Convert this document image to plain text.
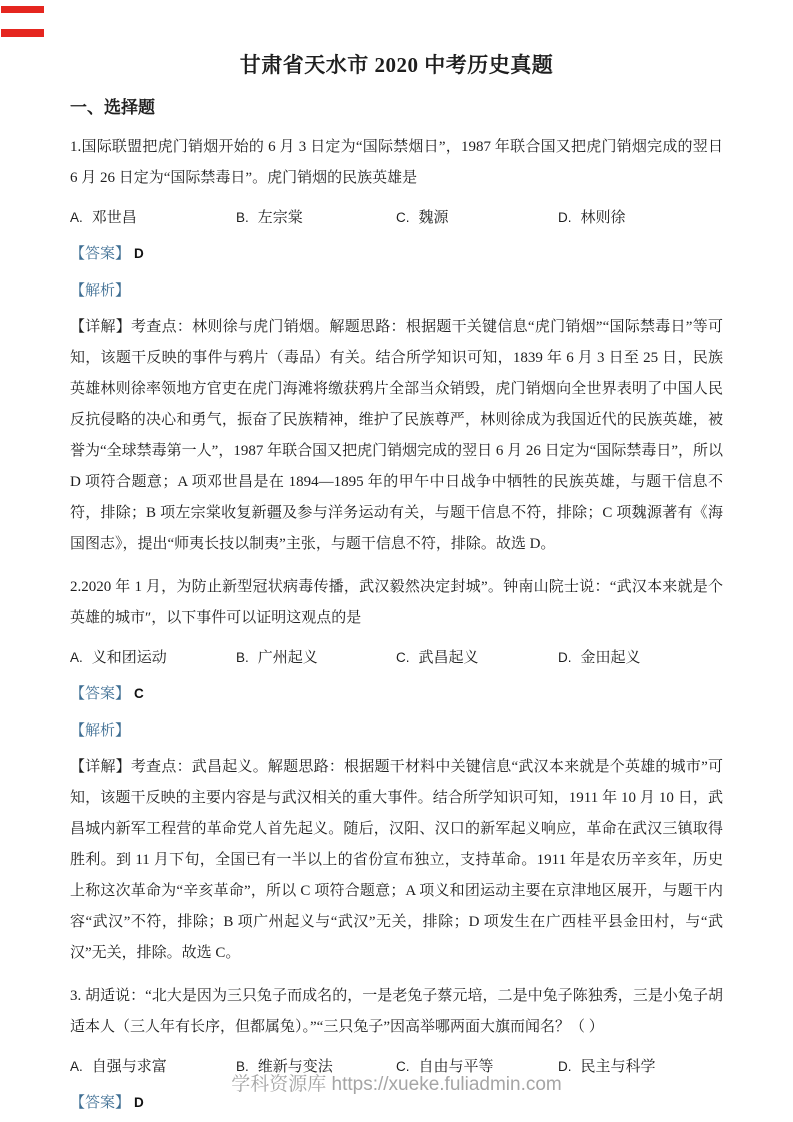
甘肃省天水市 2020 中考历史真题
一、选择题

1.国际联盟把虎门销烟开始的 6 月 3 日定为“国际禁烟日”，1987 年联合国又把虎门销烟完成的翌日 6 月 26 日定为“国际禁毒日”。虎门销烟的民族英雄是

A. 邓世昌	B. 左宗棠	C. 魏源	D. 林则徐

【答案】 D

【解析】

【详解】考查点：林则徐与虎门销烟。解题思路：根据题干关键信息“虎门销烟”“国际禁毒日”等可知，该题干反映的事件与鸦片（毒品）有关。结合所学知识可知，1839 年 6 月 3 日至 25 日，民族英雄林则徐率领地方官吏在虎门海滩将缴获鸦片全部当众销毁，虎门销烟向全世界表明了中国人民反抗侵略的决心和勇气，振奋了民族精神，维护了民族尊严，林则徐成为我国近代的民族英雄，被誉为“全球禁毒第一人”，1987 年联合国又把虎门销烟完成的翌日 6 月 26 日定为“国际禁毒日”，所以 D 项符合题意；A 项邓世昌是在 1894—1895 年的甲午中日战争中牺牲的民族英雄，与题干信息不符，排除；B 项左宗棠收复新疆及参与洋务运动有关，与题干信息不符，排除；C 项魏源著有《海国图志》，提出“师夷长技以制夷”主张，与题干信息不符，排除。故选 D。

2.2020 年 1 月，为防止新型冠状病毒传播，武汉毅然决定封城”。钟南山院士说：“武汉本来就是个英雄的城市″，以下事件可以证明这观点的是

A. 义和团运动	B. 广州起义	C. 武昌起义	D. 金田起义

【答案】 C

【解析】

【详解】考查点：武昌起义。解题思路：根据题干材料中关键信息“武汉本来就是个英雄的城市”可知，该题干反映的主要内容是与武汉相关的重大事件。结合所学知识可知，1911 年 10 月 10 日，武昌城内新军工程营的革命党人首先起义。随后，汉阳、汉口的新军起义响应，革命在武汉三镇取得胜利。到 11 月下旬，全国已有一半以上的省份宣布独立，支持革命。1911 年是农历辛亥年，历史上称这次革命为“辛亥革命”，所以 C 项符合题意；A 项义和团运动主要在京津地区展开，与题干内容“武汉”不符，排除；B 项广州起义与“武汉”无关，排除；D 项发生在广西桂平县金田村，与“武汉”无关，排除。故选 C。

3. 胡适说：“北大是因为三只兔子而成名的，一是老兔子蔡元培，二是中兔子陈独秀，三是小兔子胡适本人（三人年有长序，但都属兔）。”“三只兔子”因高举哪两面大旗而闻名？（ ）

A. 自强与求富	B. 维新与变法	C. 自由与平等	D. 民主与科学

【答案】 D

学科资源库 https://xueke.fuliadmin.com
